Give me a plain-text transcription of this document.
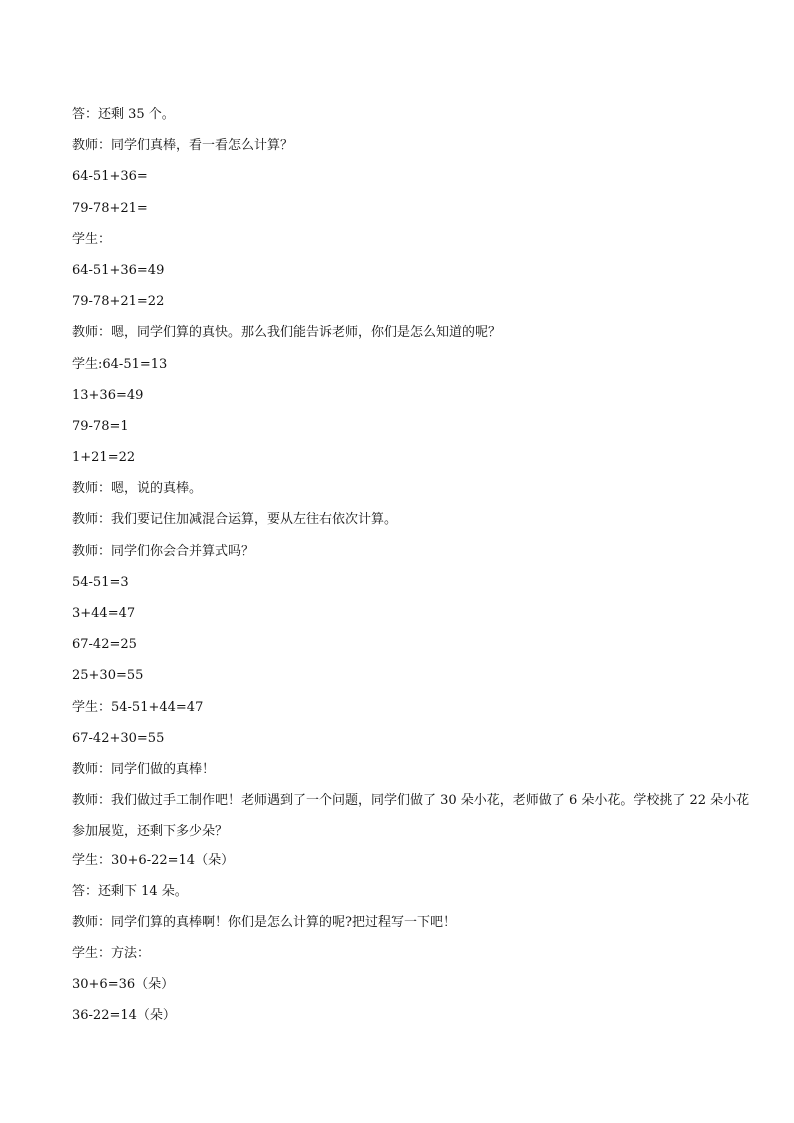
答：还剩 35 个。
教师：同学们真棒，看一看怎么计算？
64-51+36=
79-78+21=
学生：
64-51+36=49
79-78+21=22
教师：嗯，同学们算的真快。那么我们能告诉老师，你们是怎么知道的呢？
学生:64-51=13
13+36=49
79-78=1
1+21=22
教师：嗯，说的真棒。
教师：我们要记住加减混合运算，要从左往右依次计算。
教师：同学们你会合并算式吗？
54-51=3
3+44=47
67-42=25
25+30=55
学生：54-51+44=47
67-42+30=55
教师：同学们做的真棒！
教师：我们做过手工制作吧！老师遇到了一个问题，同学们做了 30 朵小花，老师做了 6 朵小花。学校挑了 22 朵小花参加展览，还剩下多少朵？
学生：30+6-22=14（朵）
答：还剩下 14 朵。
教师：同学们算的真棒啊！你们是怎么计算的呢?把过程写一下吧！
学生：方法：
30+6=36（朵）
36-22=14（朵）
